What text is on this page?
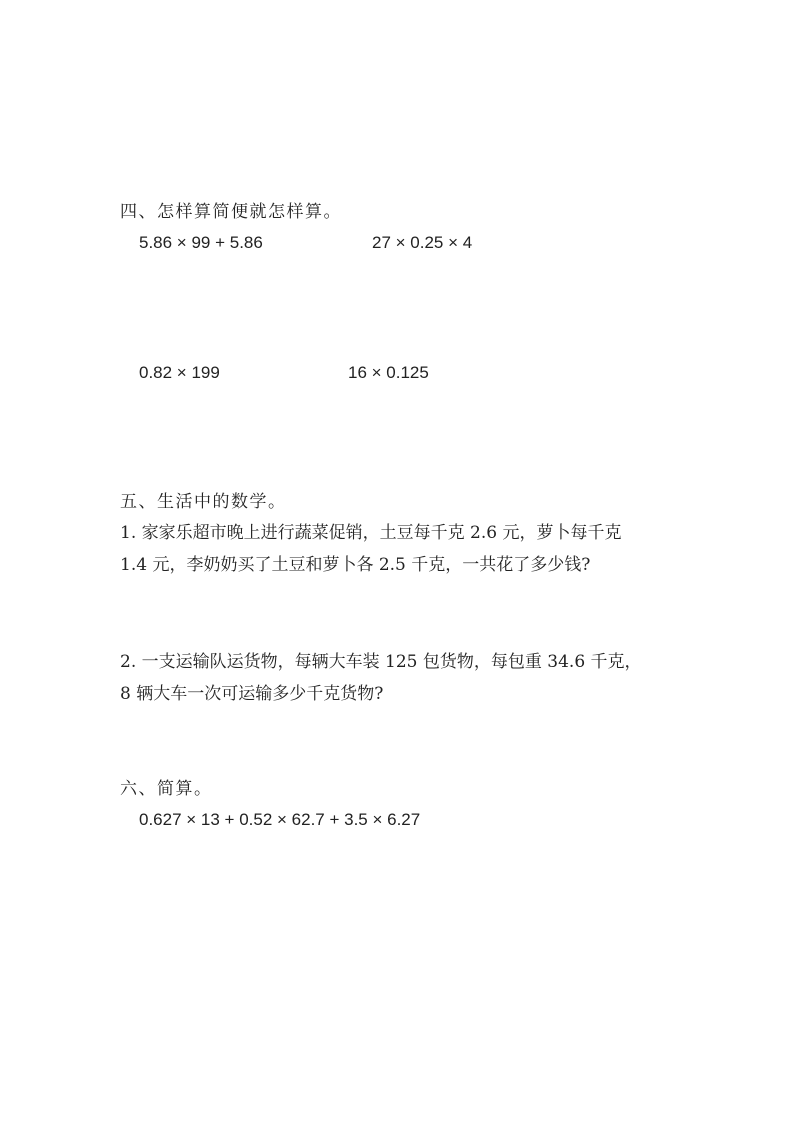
四、怎样算简便就怎样算。
5.86 × 99 + 5.86	27 × 0.25 × 4
0.82 × 199	16 × 0.125
五、生活中的数学。
1. 家家乐超市晚上进行蔬菜促销，土豆每千克 2.6 元，萝卜每千克
1.4 元，李奶奶买了土豆和萝卜各 2.5 千克，一共花了多少钱?
2. 一支运输队运货物，每辆大车装 125 包货物，每包重 34.6 千克，
8 辆大车一次可运输多少千克货物?
六、简算。
0.627 × 13 + 0.52 × 62.7 + 3.5 × 6.27
